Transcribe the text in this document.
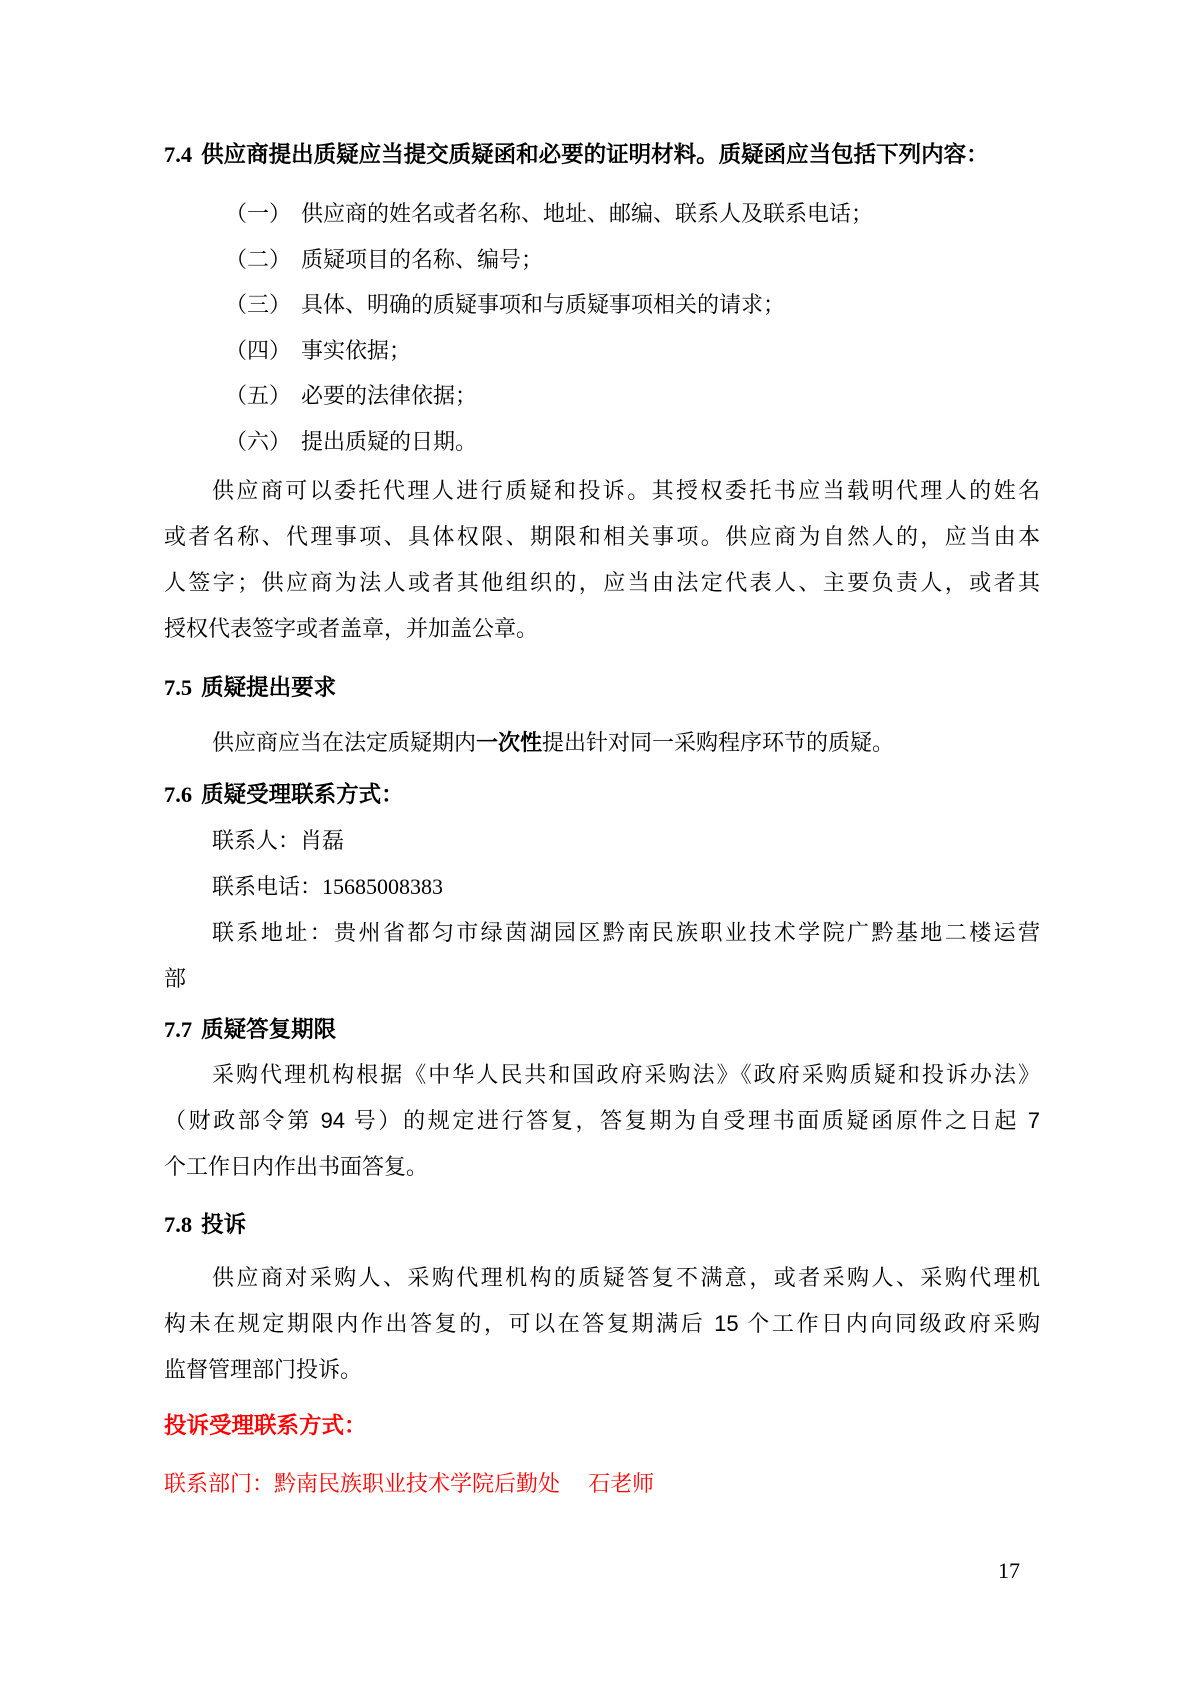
7.4 供应商提出质疑应当提交质疑函和必要的证明材料。质疑函应当包括下列内容：
（一） 供应商的姓名或者名称、地址、邮编、联系人及联系电话；
（二） 质疑项目的名称、编号；
（三） 具体、明确的质疑事项和与质疑事项相关的请求；
（四） 事实依据；
（五） 必要的法律依据；
（六） 提出质疑的日期。
供应商可以委托代理人进行质疑和投诉。其授权委托书应当载明代理人的姓名
或者名称、代理事项、具体权限、期限和相关事项。供应商为自然人的，应当由本
人签字；供应商为法人或者其他组织的，应当由法定代表人、主要负责人，或者其
授权代表签字或者盖章，并加盖公章。
7.5 质疑提出要求
供应商应当在法定质疑期内一次性提出针对同一采购程序环节的质疑。
7.6 质疑受理联系方式：
联系人：肖磊
联系电话：15685008383
联系地址：贵州省都匀市绿茵湖园区黔南民族职业技术学院广黔基地二楼运营
部
7.7 质疑答复期限
采购代理机构根据《中华人民共和国政府采购法》《政府采购质疑和投诉办法》
（财政部令第 94 号）的规定进行答复，答复期为自受理书面质疑函原件之日起 7
个工作日内作出书面答复。
7.8 投诉
供应商对采购人、采购代理机构的质疑答复不满意，或者采购人、采购代理机
构未在规定期限内作出答复的，可以在答复期满后 15 个工作日内向同级政府采购
监督管理部门投诉。
投诉受理联系方式：
联系部门：黔南民族职业技术学院后勤处　 石老师
17
